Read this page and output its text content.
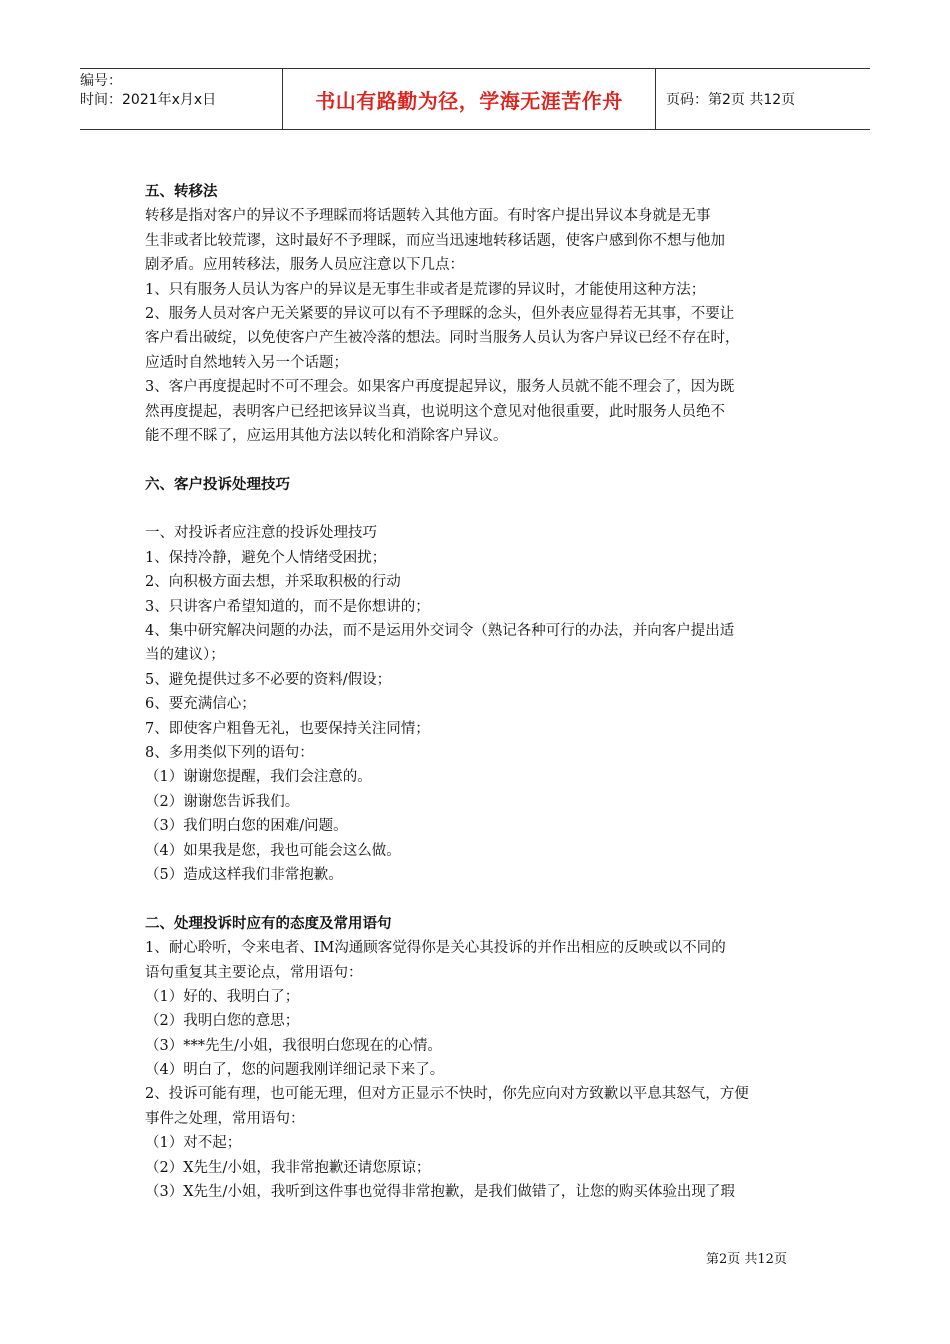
编号：
时间：2021年x月x日	书山有路勤为径，学海无涯苦作舟	页码：第2页 共12页
五、转移法
转移是指对客户的异议不予理睬而将话题转入其他方面。有时客户提出异议本身就是无事
生非或者比较荒谬，这时最好不予理睬，而应当迅速地转移话题，使客户感到你不想与他加
剧矛盾。应用转移法，服务人员应注意以下几点：
1、只有服务人员认为客户的异议是无事生非或者是荒谬的异议时，才能使用这种方法；
2、服务人员对客户无关紧要的异议可以有不予理睬的念头，但外表应显得若无其事，不要让
客户看出破绽，以免使客户产生被冷落的想法。同时当服务人员认为客户异议已经不存在时，
应适时自然地转入另一个话题；
3、客户再度提起时不可不理会。如果客户再度提起异议，服务人员就不能不理会了，因为既
然再度提起，表明客户已经把该异议当真，也说明这个意见对他很重要，此时服务人员绝不
能不理不睬了，应运用其他方法以转化和消除客户异议。
六、客户投诉处理技巧
一、对投诉者应注意的投诉处理技巧
1、保持冷静，避免个人情绪受困扰；
2、向积极方面去想，并采取积极的行动
3、只讲客户希望知道的，而不是你想讲的；
4、集中研究解决问题的办法，而不是运用外交词令（熟记各种可行的办法，并向客户提出适
当的建议）；
5、避免提供过多不必要的资料/假设；
6、要充满信心；
7、即使客户粗鲁无礼，也要保持关注同情；
8、多用类似下列的语句：
（1）谢谢您提醒，我们会注意的。
（2）谢谢您告诉我们。
（3）我们明白您的困难/问题。
（4）如果我是您，我也可能会这么做。
（5）造成这样我们非常抱歉。
二、处理投诉时应有的态度及常用语句
1、耐心聆听，令来电者、IM沟通顾客觉得你是关心其投诉的并作出相应的反映或以不同的
语句重复其主要论点，常用语句：
（1）好的、我明白了；
（2）我明白您的意思；
（3）***先生/小姐，我很明白您现在的心情。
（4）明白了，您的问题我刚详细记录下来了。
2、投诉可能有理，也可能无理，但对方正显示不快时，你先应向对方致歉以平息其怒气，方便
事件之处理，常用语句：
（1）对不起；
（2）X先生/小姐，我非常抱歉还请您原谅；
（3）X先生/小姐，我听到这件事也觉得非常抱歉，是我们做错了，让您的购买体验出现了瑕
第2页 共12页
